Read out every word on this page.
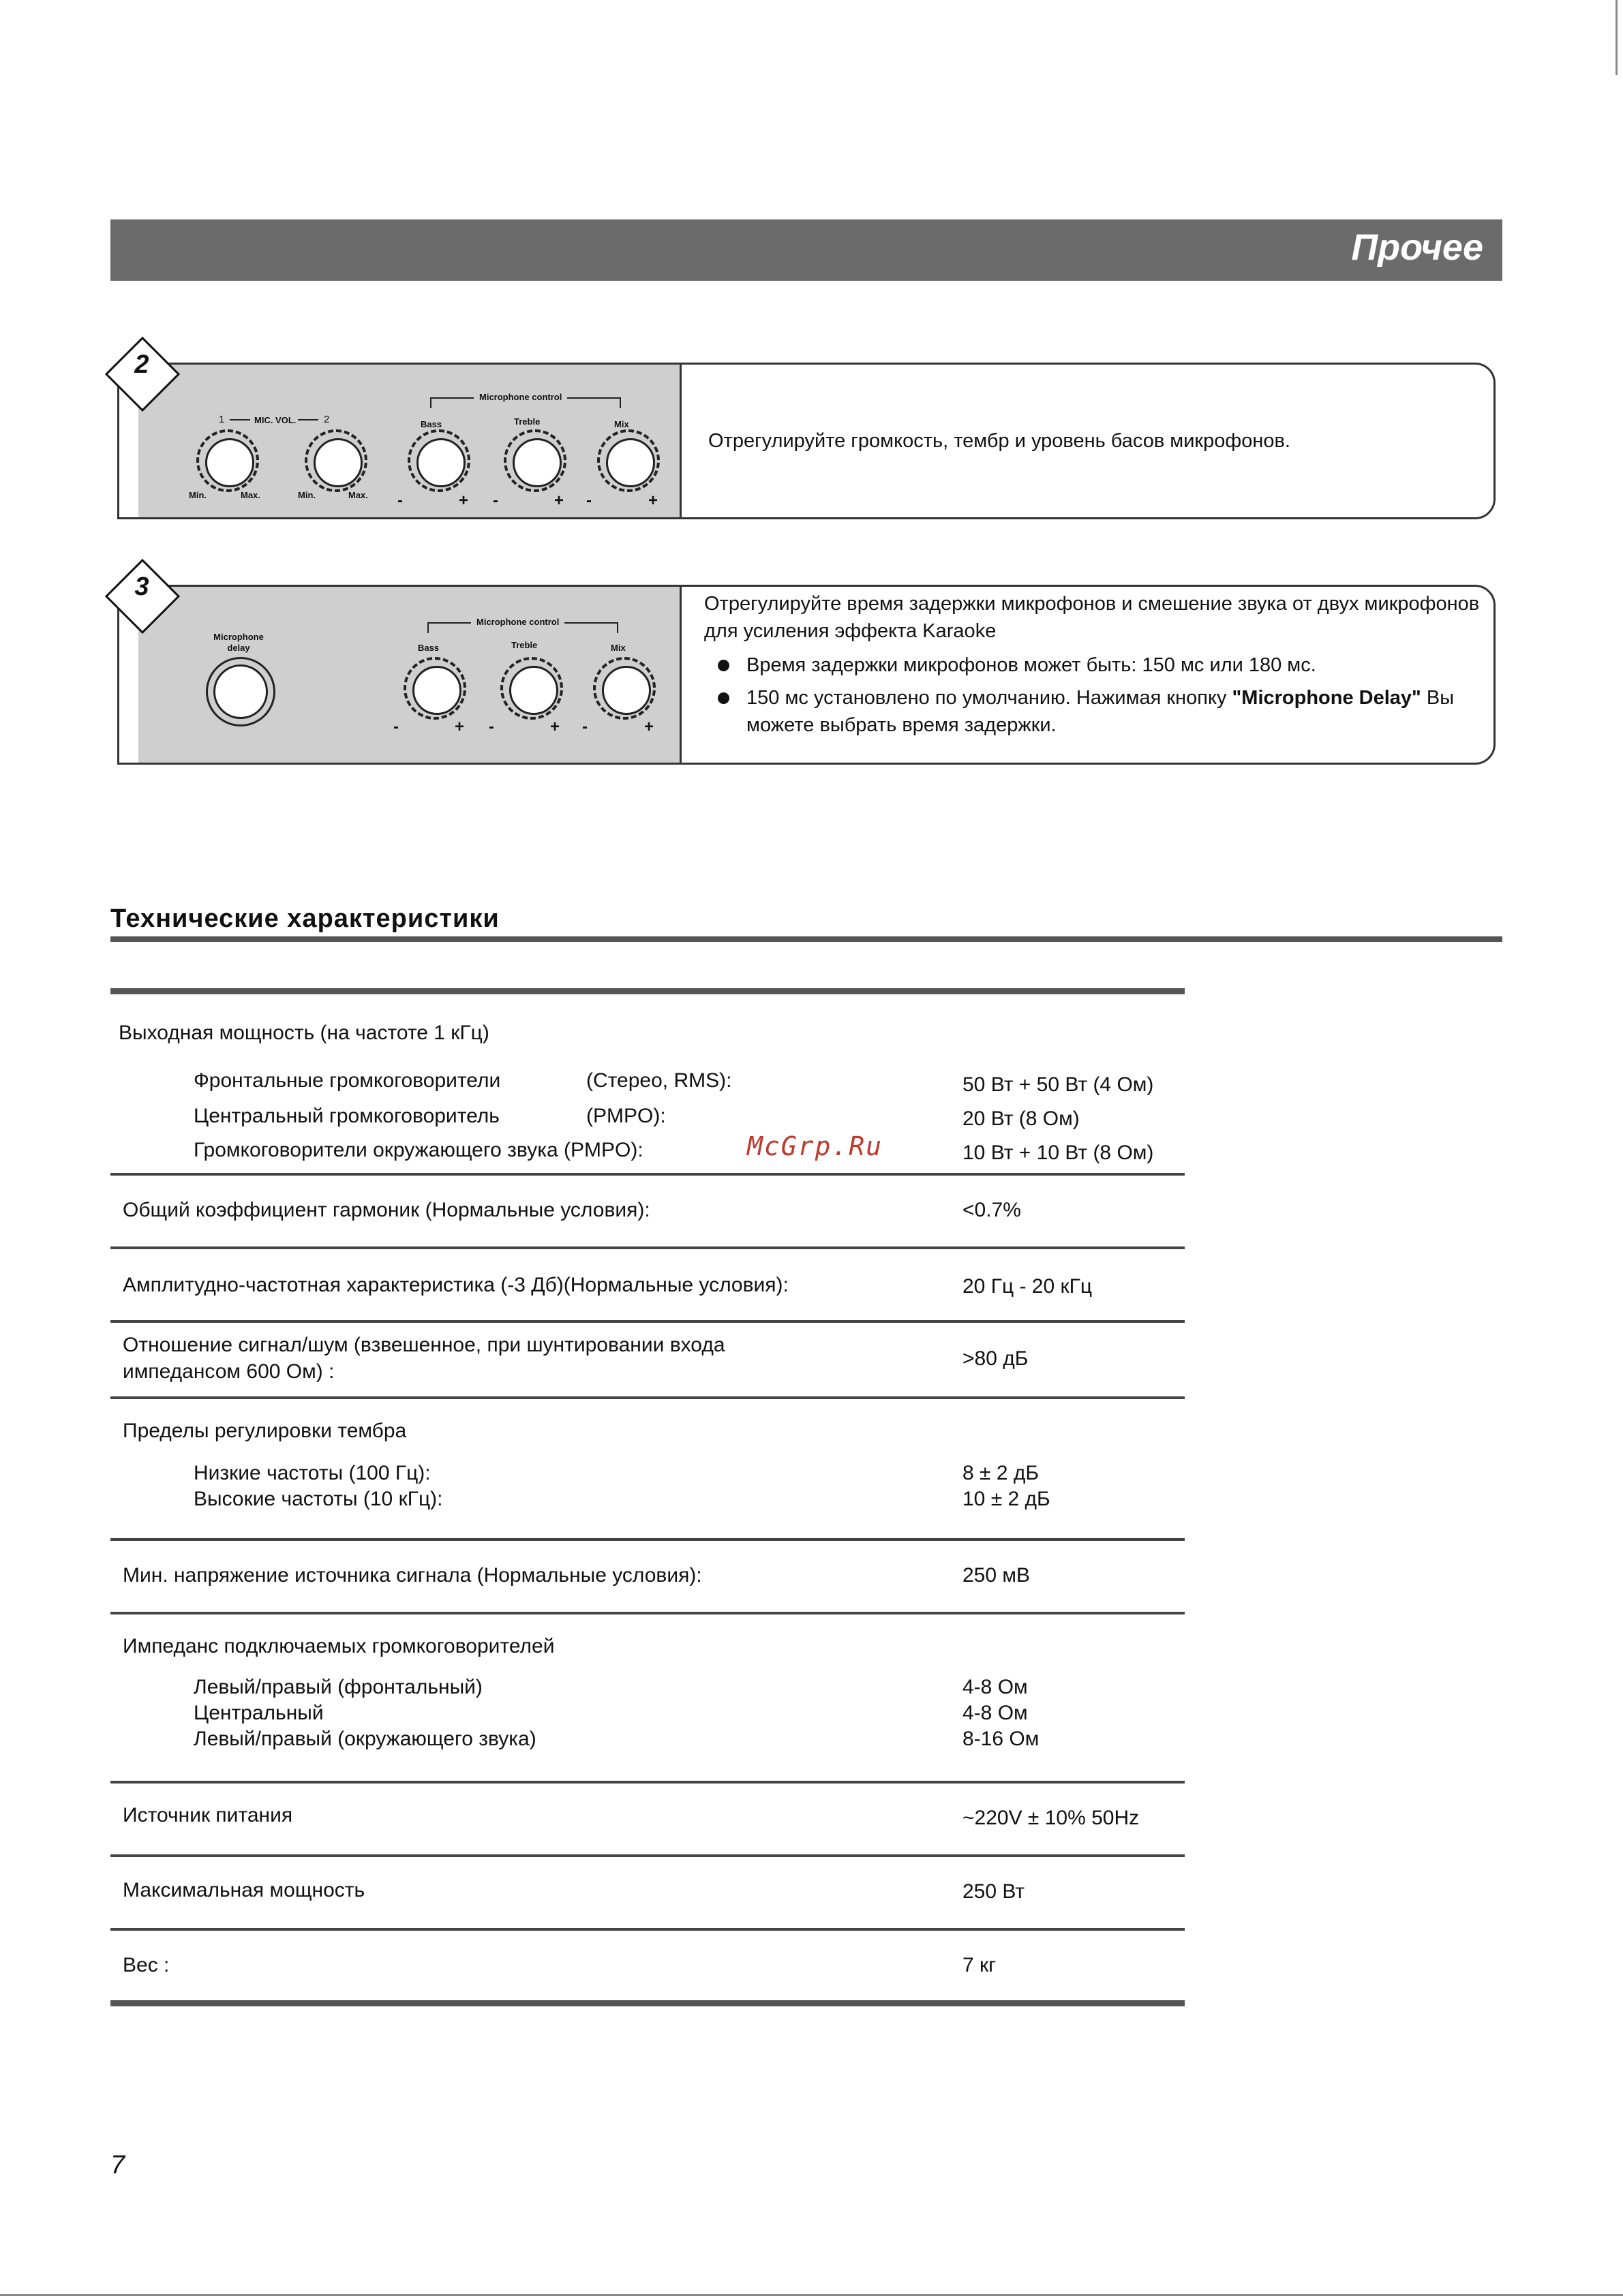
Прочее
1	MIC. VOL.	2
Microphone control
Bass	Treble	Mix
Min.	Max.	Min.	Max. -	+ -	+ -	+
Отрегулируйте громкость, тембр и уровень басов микрофонов.
2
Microphone
delay
Microphone control
Bass	Treble	Mix
-	+ -	+ -	+
Отрегулируйте время задержки микрофонов и смешение звука от двух микрофонов для усиления эффекта Karaoke
Время задержки микрофонов может быть: 150 мс или 180 мс.
150 мс установлено по умолчанию. Нажимая кнопку "Microphone Delay" Вы можете выбрать время задержки.
3
Технические характеристики
Выходная мощность (на частоте 1 кГц)
Фронтальные громкоговорители	(Стерео, RMS):	50 Вт + 50 Вт (4 Ом)
Центральный громкоговоритель	(PMPO):	20 Вт (8 Ом)
Громкоговорители окружающего звука (PMPO):	10 Вт + 10 Вт (8 Ом)
Общий коэффициент гармоник (Нормальные условия):	<0.7%
Амплитудно-частотная характеристика (-3 Дб)(Нормальные условия):	20 Гц - 20 кГц
Отношение сигнал/шум (взвешенное, при шунтировании входа
импедансом 600 Ом) :
>80 дБ
Пределы регулировки тембра
Низкие частоты (100 Гц):	8 ± 2 дБ
Высокие частоты (10 кГц):	10 ± 2 дБ
Мин. напряжение источника сигнала (Нормальные условия):	250 мВ
Импеданс подключаемых громкоговорителей
Левый/правый (фронтальный)	4-8 Ом
Центральный	4-8 Ом
Левый/правый (окружающего звука)	8-16 Ом
Источник питания	~220V ± 10% 50Hz
Максимальная мощность	250 Вт
Вес :	7 кг
McGrp.Ru
7
